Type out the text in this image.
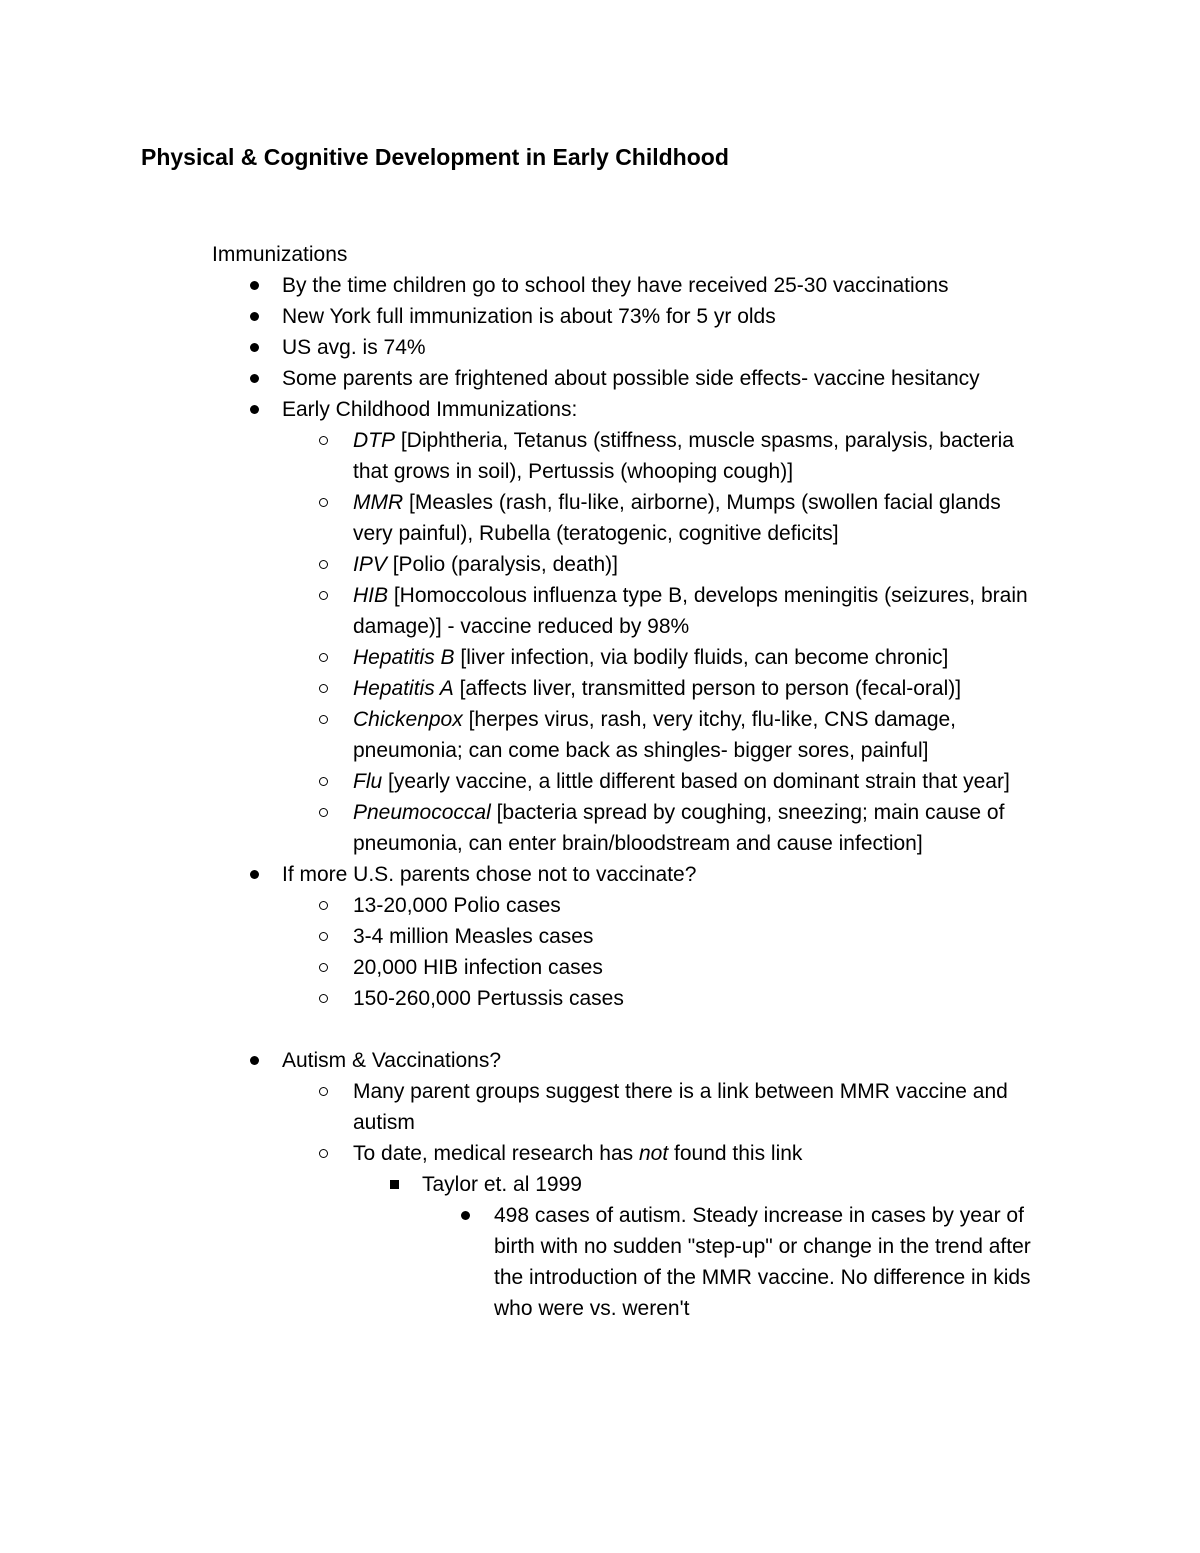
Physical & Cognitive Development in Early Childhood
Immunizations
By the time children go to school they have received 25-30 vaccinations
New York full immunization is about 73% for 5 yr olds
US avg. is 74%
Some parents are frightened about possible side effects- vaccine hesitancy
Early Childhood Immunizations:
DTP [Diphtheria, Tetanus (stiffness, muscle spasms, paralysis, bacteria that grows in soil), Pertussis (whooping cough)]
MMR [Measles (rash, flu-like, airborne), Mumps (swollen facial glands very painful), Rubella (teratogenic, cognitive deficits]
IPV [Polio (paralysis, death)]
HIB [Homoccolous influenza type B, develops meningitis (seizures, brain damage)] - vaccine reduced by 98%
Hepatitis B [liver infection, via bodily fluids, can become chronic]
Hepatitis A [affects liver, transmitted person to person (fecal-oral)]
Chickenpox [herpes virus, rash, very itchy, flu-like, CNS damage, pneumonia; can come back as shingles- bigger sores, painful]
Flu [yearly vaccine, a little different based on dominant strain that year]
Pneumococcal [bacteria spread by coughing, sneezing; main cause of pneumonia, can enter brain/bloodstream and cause infection]
If more U.S. parents chose not to vaccinate?
13-20,000 Polio cases
3-4 million Measles cases
20,000 HIB infection cases
150-260,000 Pertussis cases
Autism & Vaccinations?
Many parent groups suggest there is a link between MMR vaccine and autism
To date, medical research has not found this link
Taylor et. al 1999
498 cases of autism. Steady increase in cases by year of birth with no sudden "step-up" or change in the trend after the introduction of the MMR vaccine. No difference in kids who were vs. weren't
